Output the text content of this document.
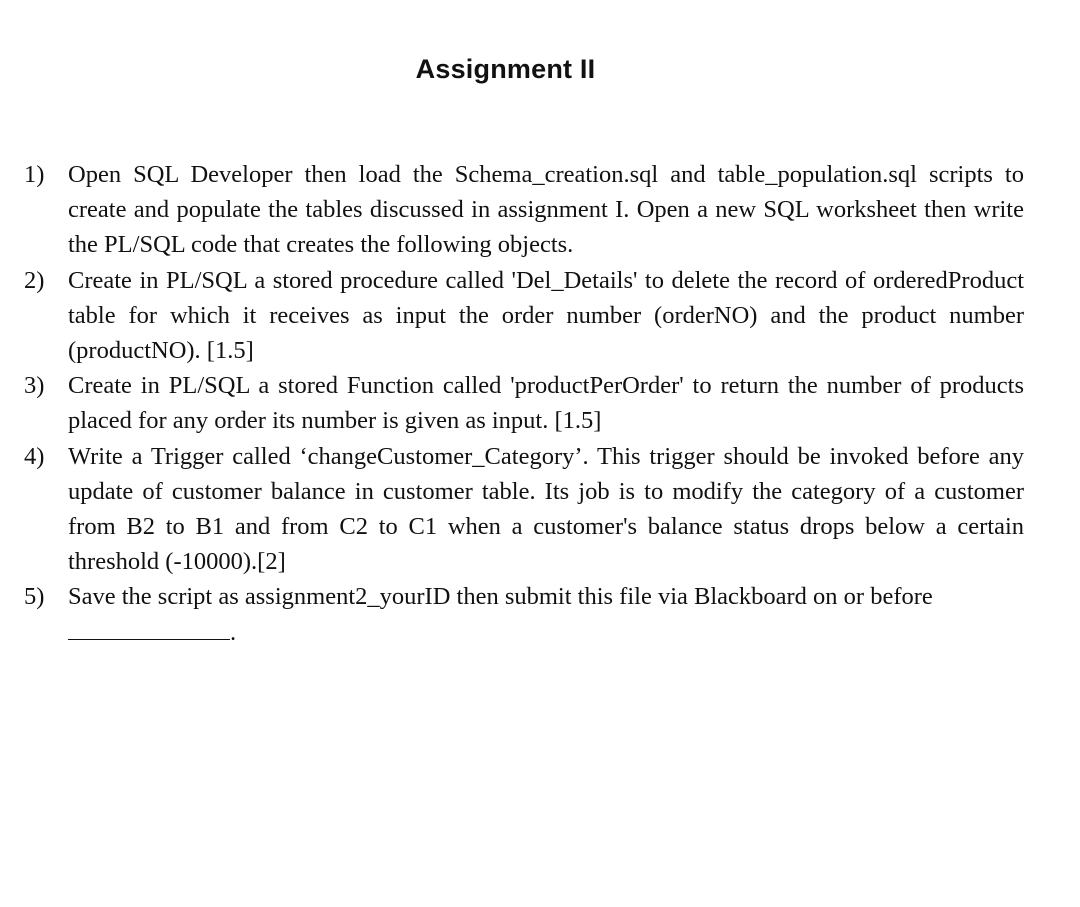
Assignment II
1) Open SQL Developer then load the Schema_creation.sql and table_population.sql scripts to create and populate the tables discussed in assignment I. Open a new SQL worksheet then write the PL/SQL code that creates the following objects.
2) Create in PL/SQL a stored procedure called 'Del_Details' to delete the record of orderedProduct table for which it receives as input the order number (orderNO) and the product number (productNO). [1.5]
3) Create in PL/SQL a stored Function called 'productPerOrder' to return the number of products placed for any order its number is given as input. [1.5]
4) Write a Trigger called ‘changeCustomer_Category’. This trigger should be invoked before any update of customer balance in customer table. Its job is to modify the category of a customer from B2 to B1 and from C2 to C1 when a customer's balance status drops below a certain threshold (-10000).[2]
5) Save the script as assignment2_yourID then submit this file via Blackboard on or before
.
